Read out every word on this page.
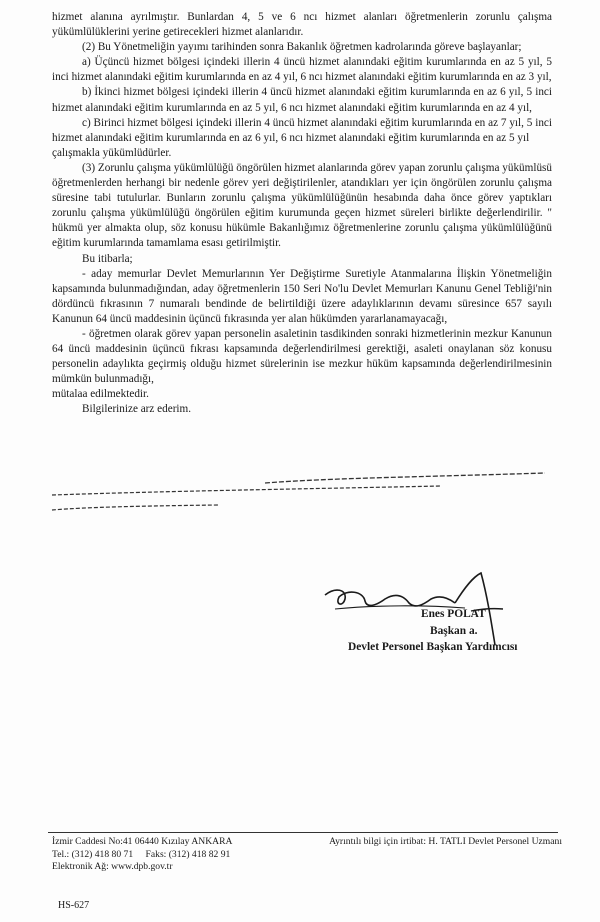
hizmet alanına ayrılmıştır. Bunlardan 4, 5 ve 6 ncı hizmet alanları öğretmenlerin zorunlu çalışma yükümlülüklerini yerine getirecekleri hizmet alanlarıdır.

(2) Bu Yönetmeliğin yayımı tarihinden sonra Bakanlık öğretmen kadrolarında göreve başlayanlar;

a) Üçüncü hizmet bölgesi içindeki illerin 4 üncü hizmet alanındaki eğitim kurumlarında en az 5 yıl, 5 inci hizmet alanındaki eğitim kurumlarında en az 4 yıl, 6 ncı hizmet alanındaki eğitim kurumlarında en az 3 yıl,

b) İkinci hizmet bölgesi içindeki illerin 4 üncü hizmet alanındaki eğitim kurumlarında en az 6 yıl, 5 inci hizmet alanındaki eğitim kurumlarında en az 5 yıl, 6 ncı hizmet alanındaki eğitim kurumlarında en az 4 yıl,

c) Birinci hizmet bölgesi içindeki illerin 4 üncü hizmet alanındaki eğitim kurumlarında en az 7 yıl, 5 inci hizmet alanındaki eğitim kurumlarında en az 6 yıl, 6 ncı hizmet alanındaki eğitim kurumlarında en az 5 yıl

çalışmakla yükümlüdürler.

(3) Zorunlu çalışma yükümlülüğü öngörülen hizmet alanlarında görev yapan zorunlu çalışma yükümlüsü öğretmenlerden herhangi bir nedenle görev yeri değiştirilenler, atandıkları yer için öngörülen zorunlu çalışma süresine tabi tutulurlar. Bunların zorunlu çalışma yükümlülüğünün hesabında daha önce görev yaptıkları zorunlu çalışma yükümlülüğü öngörülen eğitim kurumunda geçen hizmet süreleri birlikte değerlendirilir. " hükmü yer almakta olup, söz konusu hükümle Bakanlığımız öğretmenlerine zorunlu çalışma yükümlülüğünü eğitim kurumlarında tamamlama esası getirilmiştir.

Bu itibarla;

- aday memurlar Devlet Memurlarının Yer Değiştirme Suretiyle Atanmalarına İlişkin Yönetmeliğin kapsamında bulunmadığından, aday öğretmenlerin 150 Seri No'lu Devlet Memurları Kanunu Genel Tebliği'nin dördüncü fıkrasının 7 numaralı bendinde de belirtildiği üzere adaylıklarının devamı süresince 657 sayılı Kanunun 64 üncü maddesinin üçüncü fıkrasında yer alan hükümden yararlanamayacağı,

- öğretmen olarak görev yapan personelin asaletinin tasdikinden sonraki hizmetlerinin mezkur Kanunun 64 üncü maddesinin üçüncü fıkrası kapsamında değerlendirilmesi gerektiği, asaleti onaylanan söz konusu personelin adaylıkta geçirmiş olduğu hizmet sürelerinin ise mezkur hüküm kapsamında değerlendirilmesinin mümkün bulunmadığı,

mütalaa edilmektedir.

Bilgilerinize arz ederim.

Enes POLAT
Başkan a.
Devlet Personel Başkan Yardımcısı
İzmir Caddesi No:41 06440 Kızılay ANKARA	Ayrıntılı bilgi için irtibat: H. TATLI Devlet Personel Uzmanı
Tel.: (312) 418 80 71 Faks: (312) 418 82 91
Elektronik Ağ: www.dpb.gov.tr
HS-627
